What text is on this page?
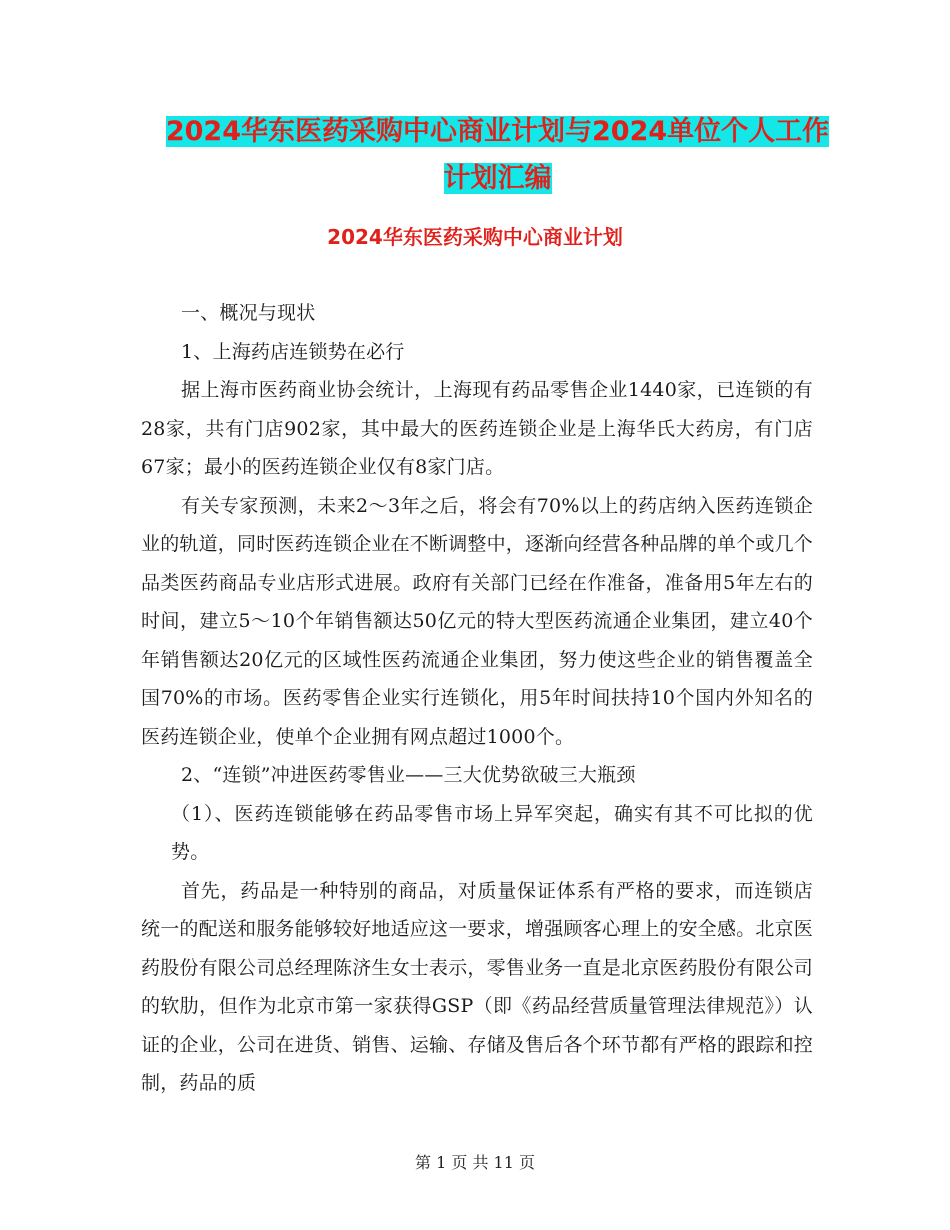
2024华东医药采购中心商业计划与2024单位个人工作
计划汇编
2024华东医药采购中心商业计划

一、概况与现状

1、上海药店连锁势在必行

据上海市医药商业协会统计，上海现有药品零售企业1440家，已连锁的有28家，共有门店902家，其中最大的医药连锁企业是上海华氏大药房，有门店67家；最小的医药连锁企业仅有8家门店。

有关专家预测，未来2～3年之后，将会有70%以上的药店纳入医药连锁企业的轨道，同时医药连锁企业在不断调整中，逐渐向经营各种品牌的单个或几个品类医药商品专业店形式进展。政府有关部门已经在作准备，准备用5年左右的时间，建立5～10个年销售额达50亿元的特大型医药流通企业集团，建立40个年销售额达20亿元的区域性医药流通企业集团，努力使这些企业的销售覆盖全国70%的市场。医药零售企业实行连锁化，用5年时间扶持10个国内外知名的医药连锁企业，使单个企业拥有网点超过1000个。

2、“连锁”冲进医药零售业——三大优势欲破三大瓶颈

（1）、医药连锁能够在药品零售市场上异军突起，确实有其不可比拟的优势。

首先，药品是一种特别的商品，对质量保证体系有严格的要求，而连锁店统一的配送和服务能够较好地适应这一要求，增强顾客心理上的安全感。北京医药股份有限公司总经理陈济生女士表示，零售业务一直是北京医药股份有限公司的软肋，但作为北京市第一家获得GSP（即《药品经营质量管理法律规范》）认证的企业，公司在进货、销售、运输、存储及售后各个环节都有严格的跟踪和控制，药品的质

第 1 页 共 11 页
